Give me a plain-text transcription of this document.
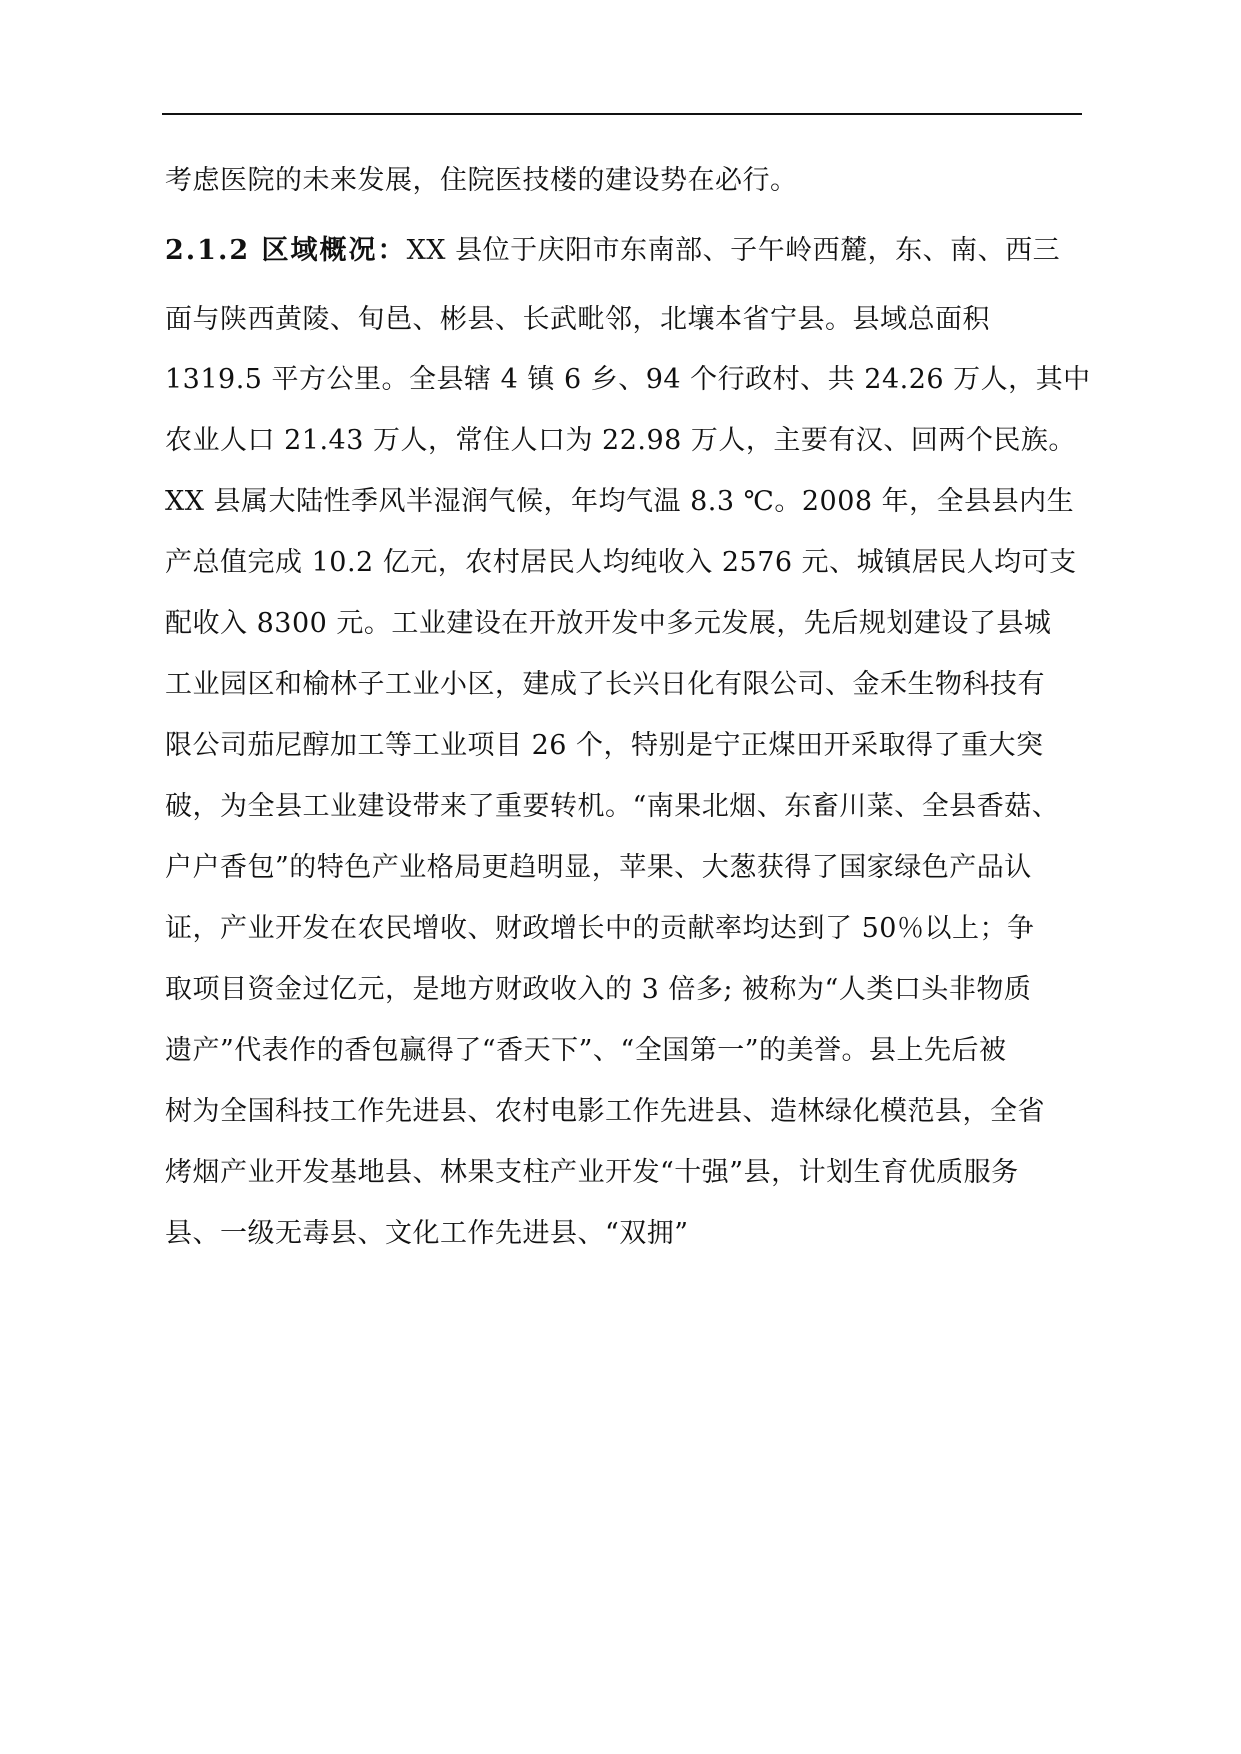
考虑医院的未来发展，住院医技楼的建设势在必行。
2.1.2 区域概况：XX 县位于庆阳市东南部、子午岭西麓，东、南、西三
面与陕西黄陵、旬邑、彬县、长武毗邻，北壤本省宁县。县域总面积
1319.5 平方公里。全县辖 4 镇 6 乡、94 个行政村、共 24.26 万人，其中
农业人口 21.43 万人，常住人口为 22.98 万人，主要有汉、回两个民族。
XX 县属大陆性季风半湿润气候，年均气温 8.3 ℃。2008 年，全县县内生
产总值完成 10.2 亿元，农村居民人均纯收入 2576 元、城镇居民人均可支
配收入 8300 元。工业建设在开放开发中多元发展，先后规划建设了县城
工业园区和榆林子工业小区，建成了长兴日化有限公司、金禾生物科技有
限公司茄尼醇加工等工业项目 26 个，特别是宁正煤田开采取得了重大突
破，为全县工业建设带来了重要转机。“南果北烟、东畜川菜、全县香菇、
户户香包”的特色产业格局更趋明显，苹果、大葱获得了国家绿色产品认
证，产业开发在农民增收、财政增长中的贡献率均达到了 50％以上；争
取项目资金过亿元，是地方财政收入的 3 倍多; 被称为“人类口头非物质
遗产”代表作的香包赢得了“香天下”、“全国第一”的美誉。县上先后被
树为全国科技工作先进县、农村电影工作先进县、造林绿化模范县，全省
烤烟产业开发基地县、林果支柱产业开发“十强”县，计划生育优质服务
县、一级无毒县、文化工作先进县、“双拥”
